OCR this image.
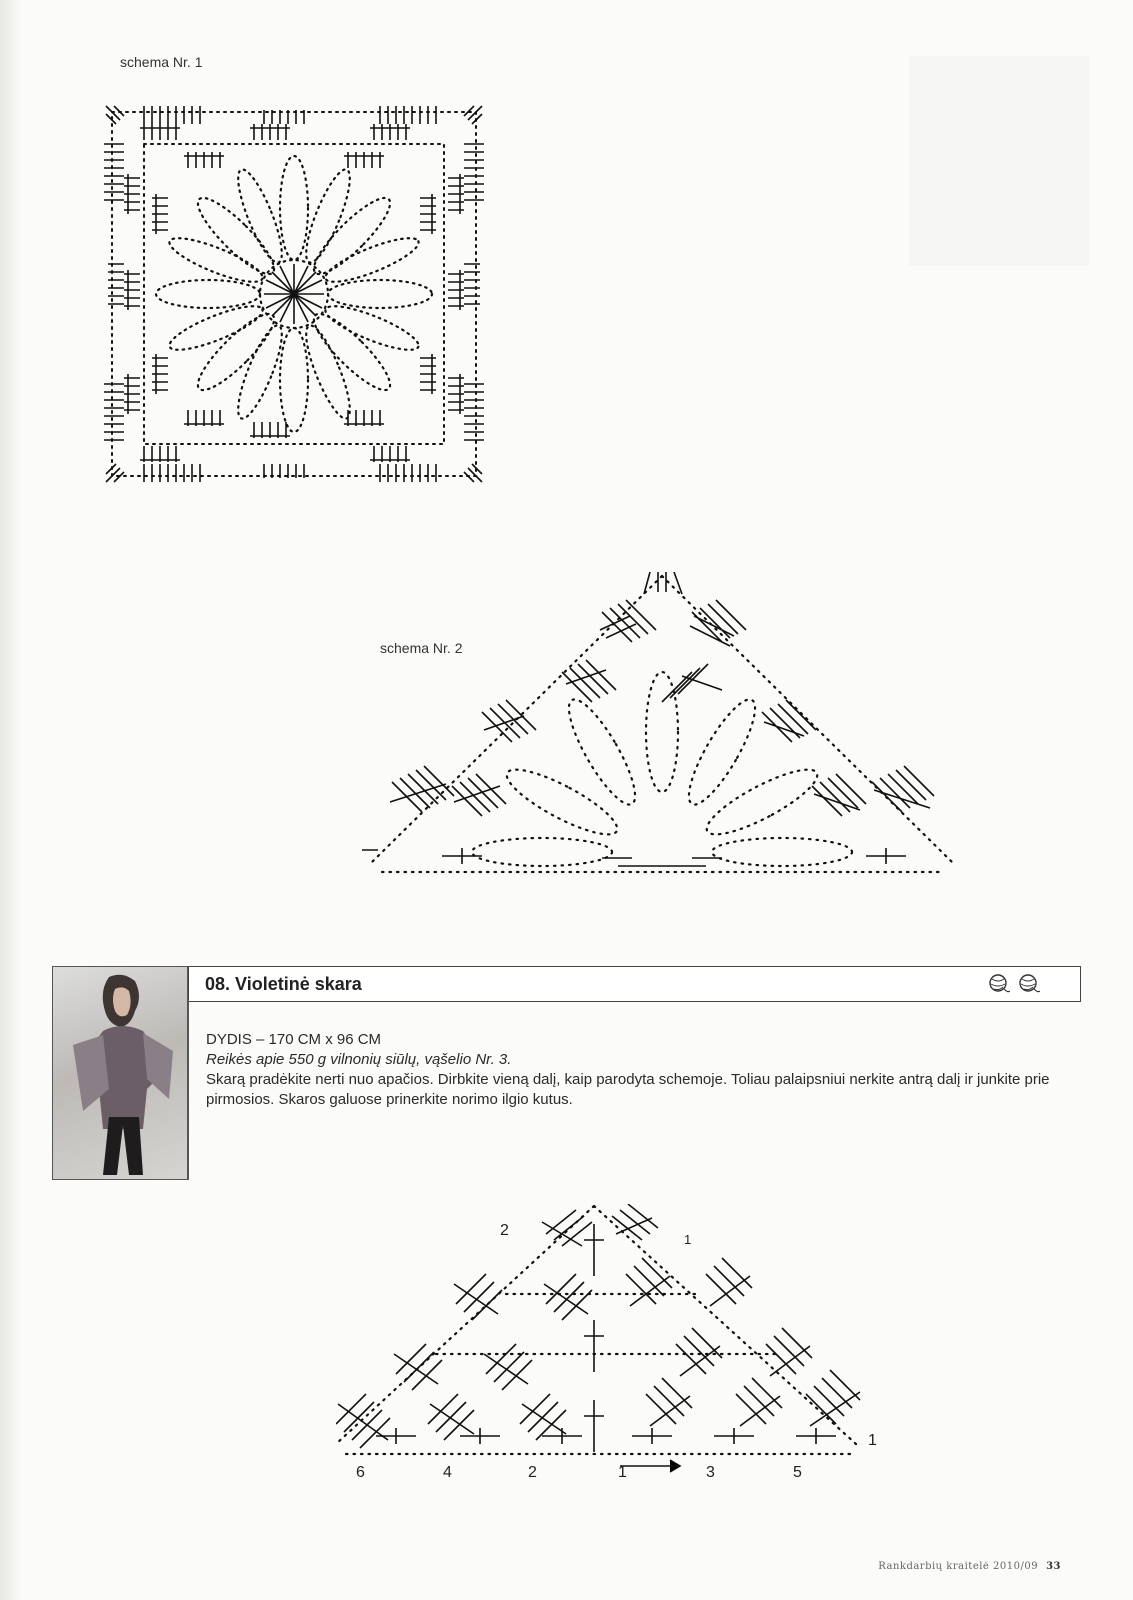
schema Nr. 1
schema Nr. 2
08. Violetinė skara
DYDIS – 170 CM x 96 CM
Reikės apie 550 g vilnonių siūlų, vąšelio Nr. 3.
Skarą pradėkite nerti nuo apačios. Dirbkite vieną dalį, kaip parodyta schemoje. Toliau palaipsniui nerkite antrą dalį ir junkite prie pirmosios. Skaros galuose prinerkite norimo ilgio kutus.
2
1
1
6	4	2	1	3	5
Rankdarbių kraitelė 2010/09 33
